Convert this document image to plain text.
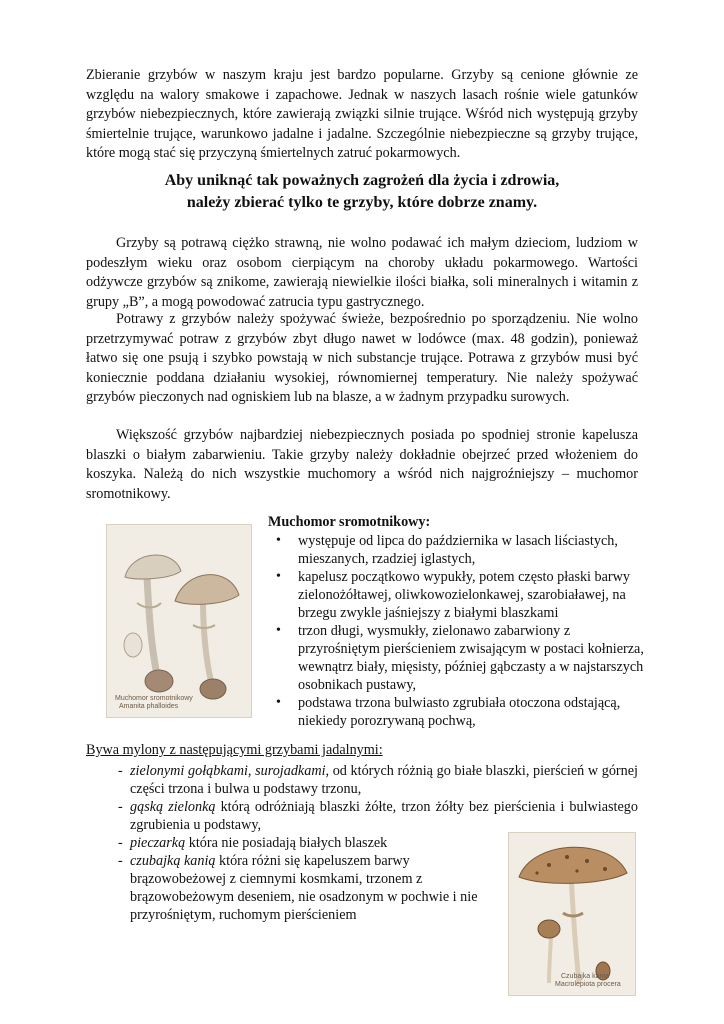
Zbieranie grzybów w naszym kraju jest bardzo popularne. Grzyby są cenione głównie ze względu na walory smakowe i zapachowe. Jednak w naszych lasach rośnie wiele gatunków grzybów niebezpiecznych, które zawierają związki silnie trujące. Wśród nich występują grzyby śmiertelnie trujące, warunkowo jadalne i jadalne. Szczególnie niebezpieczne są grzyby trujące, które mogą stać się przyczyną śmiertelnych zatruć pokarmowych.

Aby uniknąć tak poważnych zagrożeń dla życia i zdrowia,
należy zbierać tylko te grzyby, które dobrze znamy.

Grzyby są potrawą ciężko strawną, nie wolno podawać ich małym dzieciom, ludziom w podeszłym wieku oraz osobom cierpiącym na choroby układu pokarmowego. Wartości odżywcze grzybów są znikome, zawierają niewielkie ilości białka, soli mineralnych i witamin z grupy „B”, a mogą powodować zatrucia typu gastrycznego.

Potrawy z grzybów należy spożywać świeże, bezpośrednio po sporządzeniu. Nie wolno przetrzymywać potraw z grzybów zbyt długo nawet w lodówce (max. 48 godzin), ponieważ łatwo się one psują i szybko powstają w nich substancje trujące. Potrawa z grzybów musi być koniecznie poddana działaniu wysokiej, równomiernej temperatury. Nie należy spożywać grzybów pieczonych nad ogniskiem lub na blasze, a w żadnym przypadku surowych.

Większość grzybów najbardziej niebezpiecznych posiada po spodniej stronie kapelusza blaszki o białym zabarwieniu. Takie grzyby należy dokładnie obejrzeć przed włożeniem do koszyka. Należą do nich wszystkie muchomory a wśród nich najgroźniejszy – muchomor sromotnikowy.

Muchomor sromotnikowy
Amanita phalloides
Muchomor sromotnikowy:
• występuje od lipca do października w lasach liściastych, mieszanych, rzadziej iglastych,
• kapelusz początkowo wypukły, potem często płaski barwy zielonożółtawej, oliwkowozielonkawej, szarobiaławej, na brzegu zwykle jaśniejszy z białymi blaszkami
• trzon długi, wysmukły, zielonawo zabarwiony z przyrośniętym pierścieniem zwisającym w postaci kołnierza, wewnątrz biały, mięsisty, później gąbczasty a w najstarszych osobnikach pustawy,
• podstawa trzona bulwiasto zgrubiała otoczona odstającą, niekiedy porozrywaną pochwą,
Bywa mylony z następującymi grzybami jadalnymi:
- zielonymi gołąbkami, surojadkami, od których różnią go białe blaszki, pierścień w górnej części trzona i bulwa u podstawy trzonu,
- gąską zielonką którą odróżniają blaszki żółte, trzon żółty bez pierścienia i bulwiastego zgrubienia u podstawy,
- pieczarką która nie posiadają białych blaszek
- czubajką kanią która różni się kapeluszem barwy brązowobeżowej z ciemnymi kosmkami, trzonem z brązowobeżowym deseniem, nie osadzonym w pochwie i nie przyrośniętym, ruchomym pierścieniem
Czubajka kania
Macrolepiota procera
